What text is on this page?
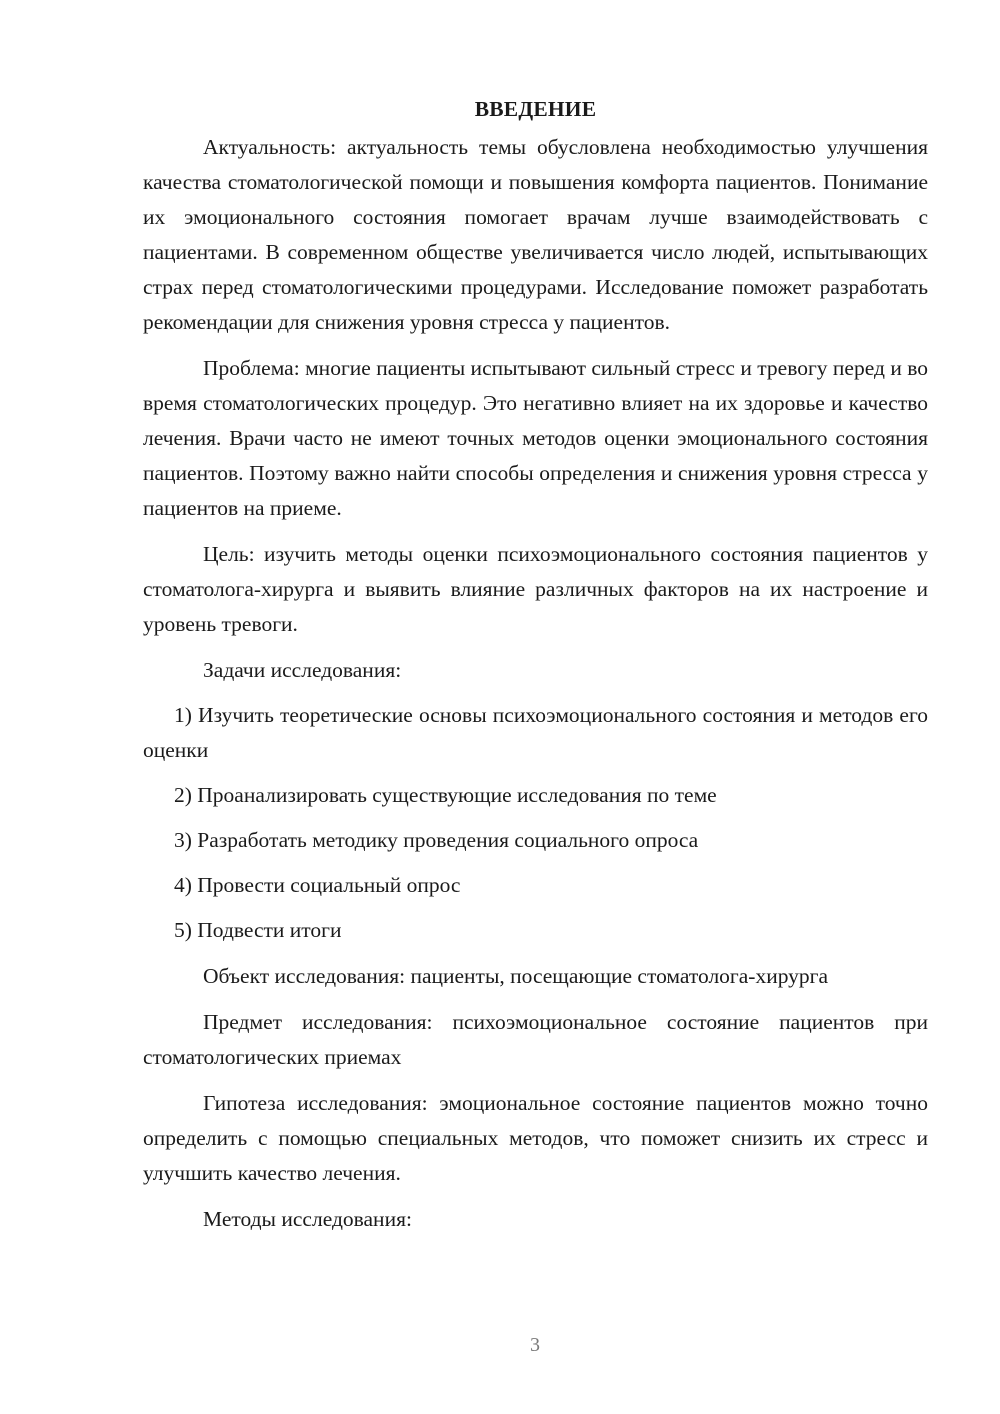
ВВЕДЕНИЕ

Актуальность: актуальность темы обусловлена необходимостью улучшения качества стоматологической помощи и повышения комфорта пациентов. Понимание их эмоционального состояния помогает врачам лучше взаимодействовать с пациентами. В современном обществе увеличивается число людей, испытывающих страх перед стоматологическими процедурами. Исследование поможет разработать рекомендации для снижения уровня стресса у пациентов.

Проблема: многие пациенты испытывают сильный стресс и тревогу перед и во время стоматологических процедур. Это негативно влияет на их здоровье и качество лечения. Врачи часто не имеют точных методов оценки эмоционального состояния пациентов. Поэтому важно найти способы определения и снижения уровня стресса у пациентов на приеме.

Цель: изучить методы оценки психоэмоционального состояния пациентов у стоматолога-хирурга и выявить влияние различных факторов на их настроение и уровень тревоги.

Задачи исследования:

1) Изучить теоретические основы психоэмоционального состояния и методов его оценки

2) Проанализировать существующие исследования по теме

3) Разработать методику проведения социального опроса

4) Провести социальный опрос

5) Подвести итоги

Объект исследования: пациенты, посещающие стоматолога-хирурга

Предмет исследования: психоэмоциональное состояние пациентов при стоматологических приемах

Гипотеза исследования: эмоциональное состояние пациентов можно точно определить с помощью специальных методов, что поможет снизить их стресс и улучшить качество лечения.

Методы исследования:

3
